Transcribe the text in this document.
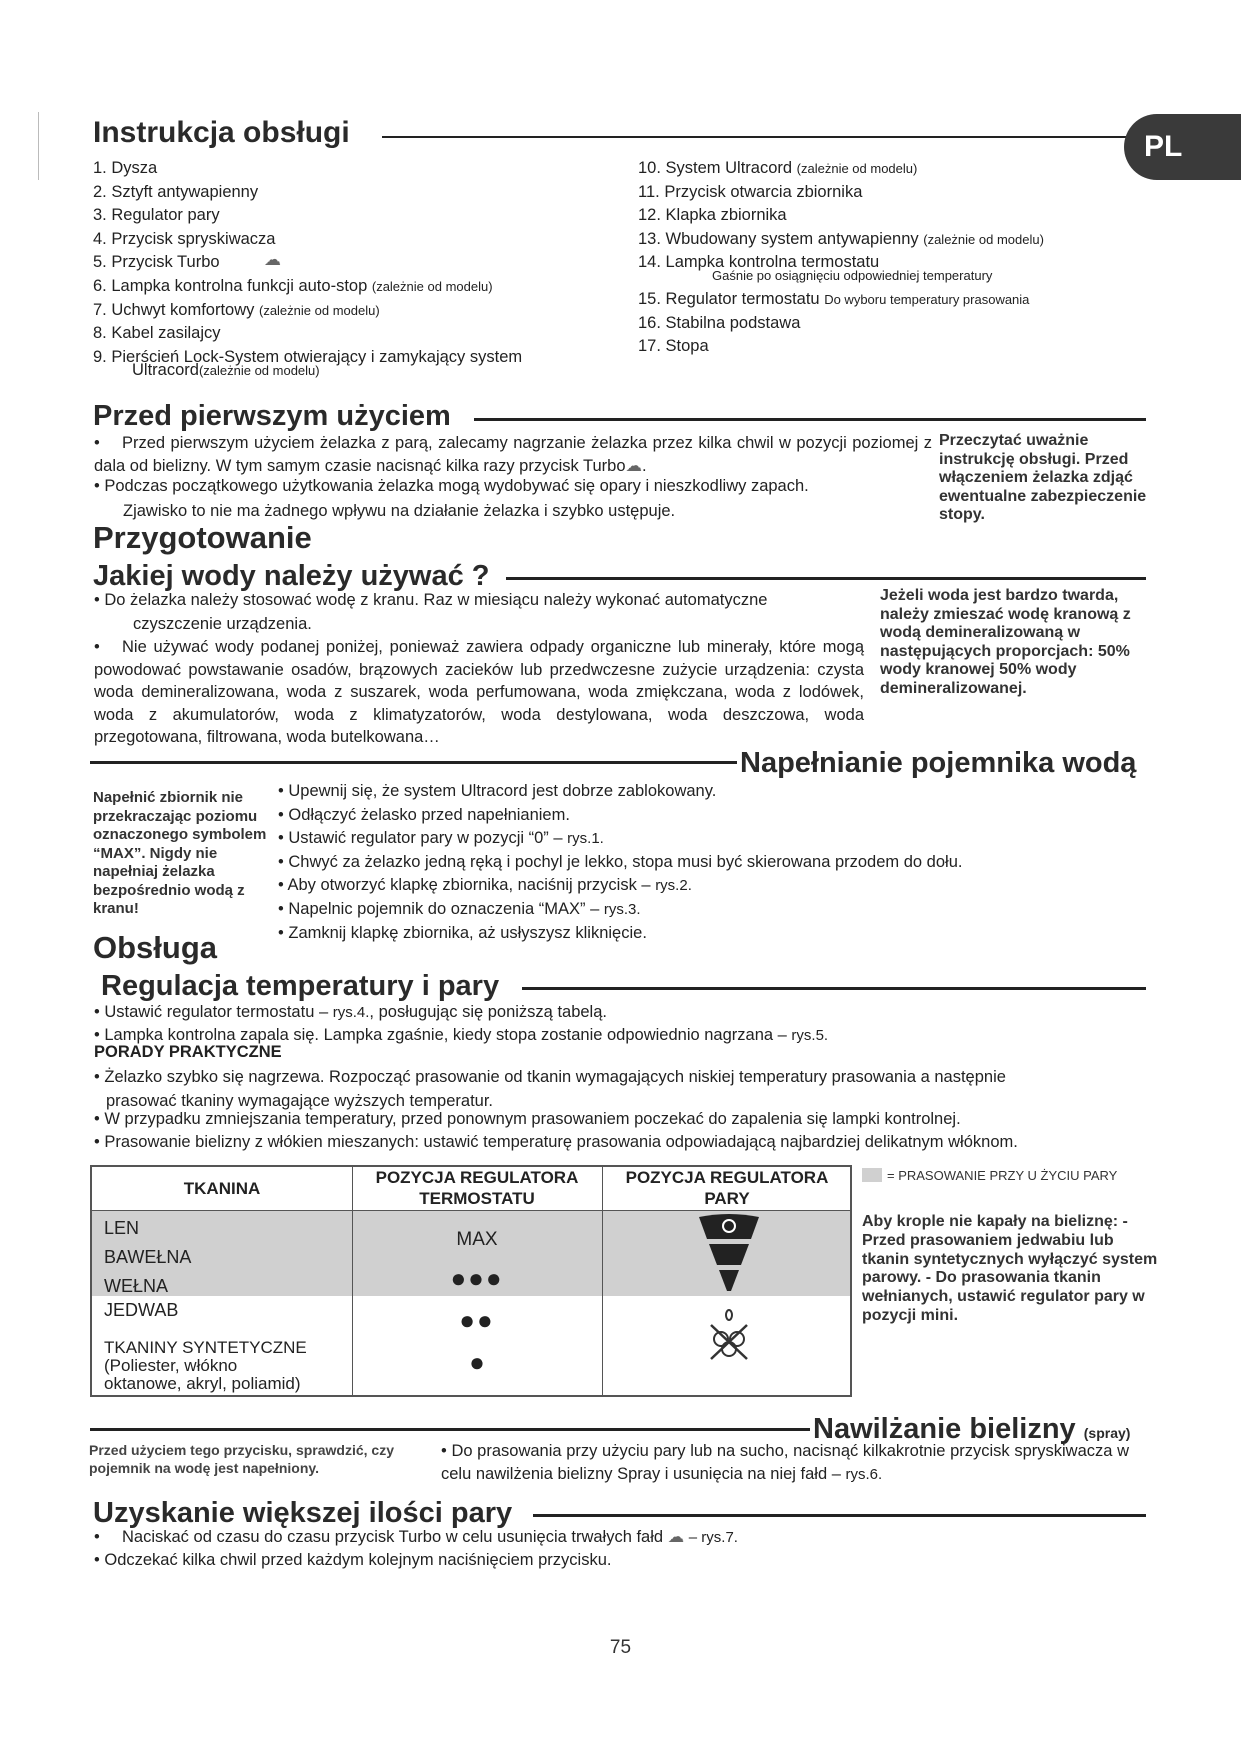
Instrukcja obsługi	PL
1. Dysza
2. Sztyft antywapienny
3. Regulator pary
4. Przycisk spryskiwacza
5. Przycisk Turbo
6. Lampka kontrolna funkcji auto-stop (zależnie od modelu)
7. Uchwyt komfortowy (zależnie od modelu)
8. Kabel zasilajcy
9. Pierścień Lock-System otwierający i zamykający system
Ultracord(zależnie od modelu)
☁
10. System Ultracord (zależnie od modelu)
11. Przycisk otwarcia zbiornika
12. Klapka zbiornika
13. Wbudowany system antywapienny (zależnie od modelu)
14. Lampka kontrolna termostatu
15. Regulator termostatu Do wyboru temperatury prasowania
16. Stabilna podstawa
17. Stopa
Gaśnie po osiągnięciu odpowiedniej temperatury
Przed pierwszym użyciem
• Przed pierwszym użyciem żelazka z parą, zalecamy nagrzanie żelazka przez kilka chwil w pozycji poziomej z dala od bielizny. W tym samym czasie nacisnąć kilka razy przycisk Turbo☁.
• Podczas początkowego użytkowania żelazka mogą wydobywać się opary i nieszkodliwy zapach.
Zjawisko to nie ma żadnego wpływu na działanie żelazka i szybko ustępuje.
Przeczytać uważnie instrukcję obsługi. Przed włączeniem żelazka zdjąć ewentualne zabezpieczenie stopy.
Przygotowanie
Jakiej wody należy używać ?
• Do żelazka należy stosować wodę z kranu. Raz w miesiącu należy wykonać automatyczne
czyszczenie urządzenia.
• Nie używać wody podanej poniżej, ponieważ zawiera odpady organiczne lub minerały, które mogą powodować powstawanie osadów, brązowych zacieków lub przedwczesne zużycie urządzenia: czysta woda demineralizowana, woda z suszarek, woda perfumowana, woda zmiękczana, woda z lodówek, woda z akumulatorów, woda z klimatyzatorów, woda destylowana, woda deszczowa, woda przegotowana, filtrowana, woda butelkowana…
Jeżeli woda jest bardzo twarda, należy zmieszać wodę kranową z wodą demineralizowaną w następujących proporcjach: 50% wody kranowej 50% wody demineralizowanej.
Napełnianie pojemnika wodą
Napełnić zbiornik nie przekraczając poziomu oznaczonego symbolem “MAX”. Nigdy nie napełniaj żelazka bezpośrednio wodą z kranu!
• Upewnij się, że system Ultracord jest dobrze zablokowany.
• Odłączyć żelasko przed napełnianiem.
• Ustawić regulator pary w pozycji “0” – rys.1.
• Chwyć za żelazko jedną ręką i pochyl je lekko, stopa musi być skierowana przodem do dołu.
• Aby otworzyć klapkę zbiornika, naciśnij przycisk – rys.2.
• Napelnic pojemnik do oznaczenia “MAX” – rys.3.
• Zamknij klapkę zbiornika, aż usłyszysz kliknięcie.
Obsługa
Regulacja temperatury i pary
• Ustawić regulator termostatu – rys.4., posługując się poniższą tabelą.
• Lampka kontrolna zapala się. Lampka zgaśnie, kiedy stopa zostanie odpowiednio nagrzana – rys.5.
PORADY PRAKTYCZNE
• Żelazko szybko się nagrzewa. Rozpocząć prasowanie od tkanin wymagających niskiej temperatury prasowania a następnie
prasować tkaniny wymagające wyższych temperatur.
• W przypadku zmniejszania temperatury, przed ponownym prasowaniem poczekać do zapalenia się lampki kontrolnej.
• Prasowanie bielizny z włókien mieszanych: ustawić temperaturę prasowania odpowiadającą najbardziej delikatnym włóknom.
TKANINA
POZYCJA REGULATORA
TERMOSTATU
POZYCJA REGULATORA
PARY
LEN
BAWEŁNA
WEŁNA
JEDWAB
TKANINY SYNTETYCZNE
(Poliester, włókno
oktanowe, akryl, poliamid)
MAX
●●●
●●
●
= PRASOWANIE PRZY U ŻYCIU PARY
Aby krople nie kapały na bieliznę: - Przed prasowaniem jedwabiu lub tkanin syntetycznych wyłączyć system parowy. - Do prasowania tkanin wełnianych, ustawić regulator pary w pozycji mini.
Nawilżanie bielizny (spray)
Przed użyciem tego przycisku, sprawdzić, czy pojemnik na wodę jest napełniony.
• Do prasowania przy użyciu pary lub na sucho, nacisnąć kilkakrotnie przycisk spryskiwacza w celu nawilżenia bielizny Spray i usunięcia na niej fałd – rys.6.
Uzyskanie większej ilości pary
• Naciskać od czasu do czasu przycisk Turbo w celu usunięcia trwałych fałd ☁ – rys.7.
• Odczekać kilka chwil przed każdym kolejnym naciśnięciem przycisku.
75
